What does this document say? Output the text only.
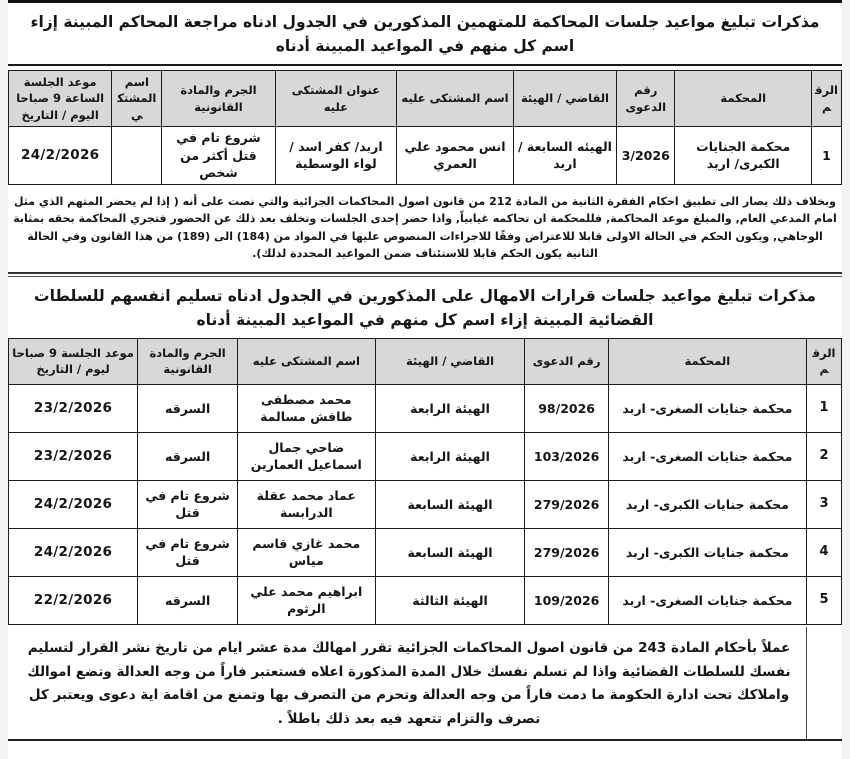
مذكرات تبليغ مواعيد جلسات المحاكمة للمتهمين المذكورين في الجدول ادناه مراجعة المحاكم المبينة إزاء اسم كل منهم في المواعيد المبينة أدناه
الرقم	المحكمة	رقم الدعوى	القاضي / الهيئة	اسم المشتكى عليه	عنوان المشتكى عليه	الجرم والمادة القانونية	اسم المشتكي	موعد الجلسة الساعة 9 صباحا اليوم / التاريخ
1	محكمة الجنايات الكبرى/ اربد	3/2026	الهيئه السابعة / اربد	انس محمود علي العمري	اربد/ كفر اسد / لواء الوسطية	شروع تام في قتل أكثر من شخص		24/2/2026
وبخلاف ذلك يصار الى تطبيق احكام الفقرة الثانية من المادة 212 من قانون اصول المحاكمات الجزائية والتي نصت على أنه ( إذا لم يحضر المتهم الذي مثل امام المدعي العام, والمبلغ موعد المحاكمة, فللمحكمة ان تحاكمه غيابياً, واذا حضر إحدى الجلسات وتخلف بعد ذلك عن الحضور فتجري المحاكمة بحقه بمثابة الوجاهي, ويكون الحكم في الحالة الاولى قابلا للاعتراض وفقًا للاجراءات المنصوص عليها في المواد من (184) الى (189) من هذا القانون وفي الحالة الثانية يكون الحكم قابلا للاستئناف ضمن المواعيد المحددة لذلك).
مذكرات تبليغ مواعيد جلسات قرارات الامهال على المذكورين في الجدول ادناه تسليم انفسهم للسلطات القضائية المبينة إزاء اسم كل منهم في المواعيد المبينة أدناه
الرقم	المحكمة	رقم الدعوى	القاضي / الهيئة	اسم المشتكى عليه	الجرم والمادة القانونية	موعد الجلسة 9 صباحا ليوم / التاريخ
1	محكمة جنايات الصغرى- اربد	98/2026	الهيئة الرابعة	محمد مصطفى طافش مسالمة	السرقه	23/2/2026
2	محكمة جنايات الصغرى- اربد	103/2026	الهيئة الرابعة	ضاحي جمال اسماعيل العمارين	السرقه	23/2/2026
3	محكمة جنايات الكبرى- اربد	279/2026	الهيئة السابعة	عماد محمد عقلة الدرابسة	شروع تام في قتل	24/2/2026
4	محكمة جنايات الكبرى- اربد	279/2026	الهيئة السابعة	محمد غازي قاسم مياس	شروع تام في قتل	24/2/2026
5	محكمة جنايات الصغرى- اربد	109/2026	الهيئة الثالثة	ابراهيم محمد علي الرثوم	السرقه	22/2/2026
عملاً بأحكام المادة 243 من قانون اصول المحاكمات الجزائية تقرر امهالك مدة عشر ايام من تاريخ نشر القرار لتسليم نفسك للسلطات القضائية واذا لم تسلم نفسك خلال المدة المذكورة اعلاه فستعتبر فاراً من وجه العدالة وتضع اموالك واملاكك تحت ادارة الحكومة ما دمت فاراً من وجه العدالة وتحرم من التصرف بها وتمنع من اقامة اية دعوى ويعتبر كل تصرف والتزام تتعهد فيه بعد ذلك باطلاً .
